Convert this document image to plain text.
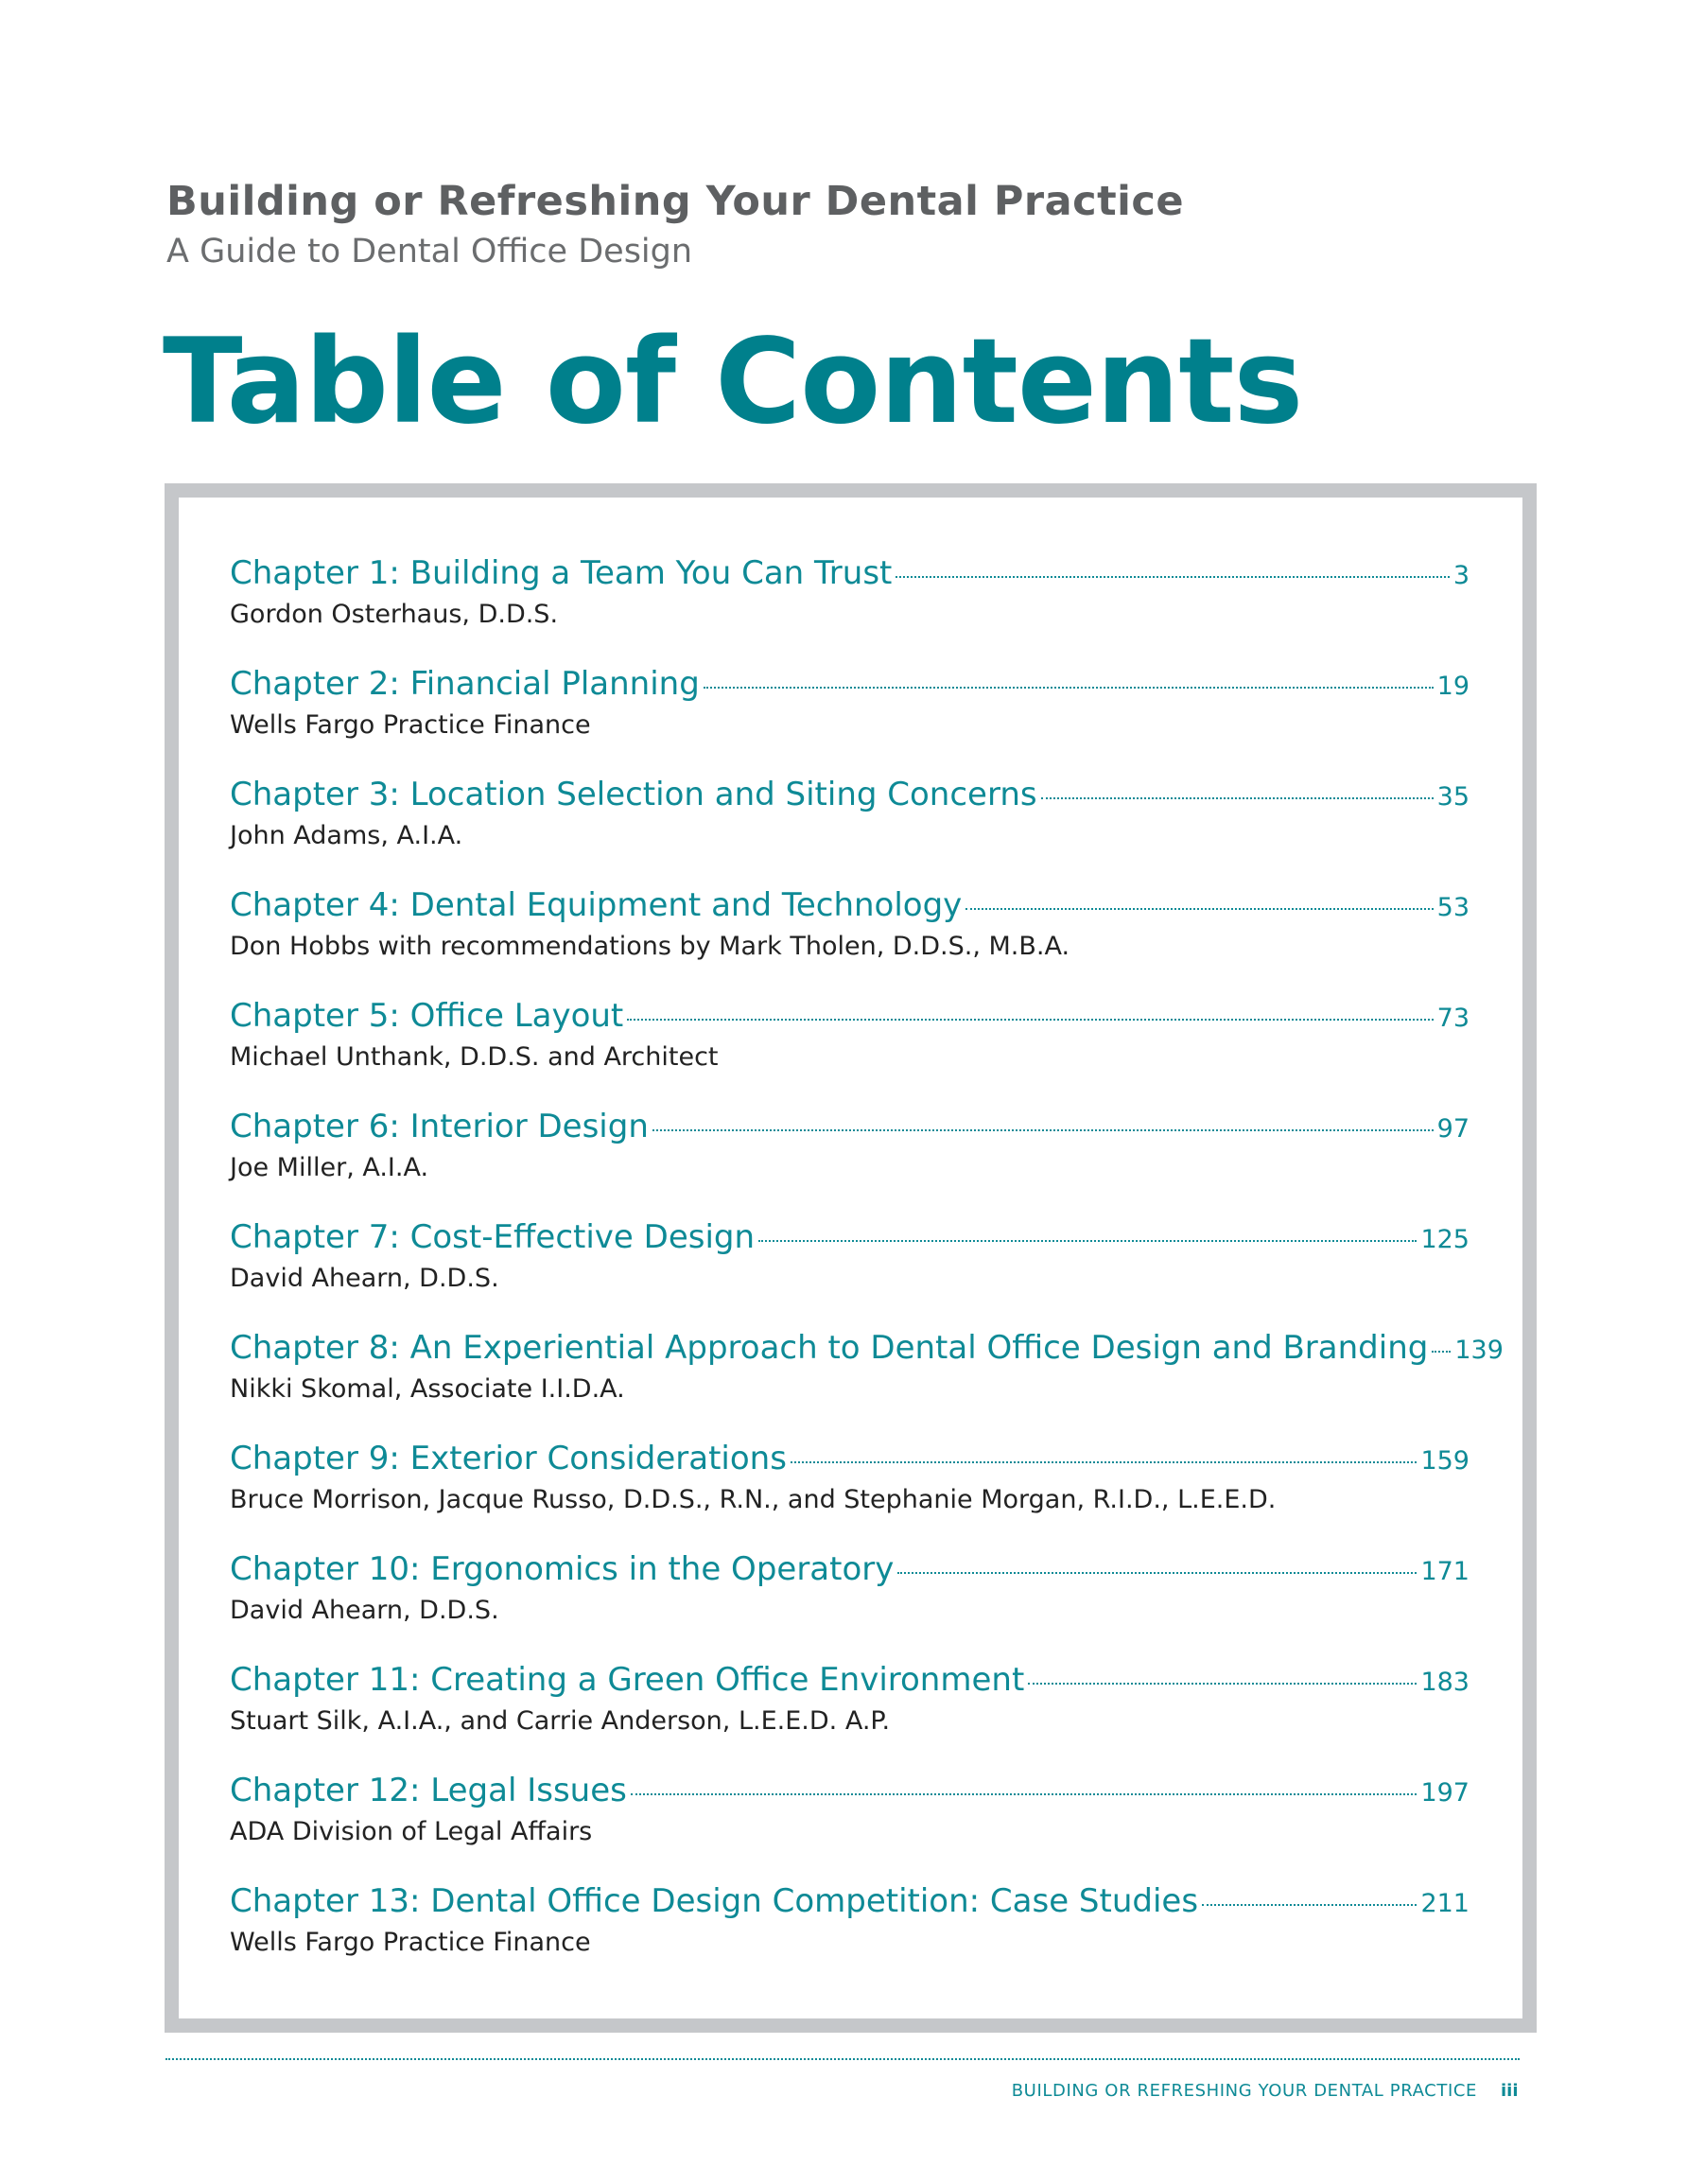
Building or Refreshing Your Dental Practice
A Guide to Dental Office Design
Table of Contents
Chapter 1: Building a Team You Can Trust	3
Gordon Osterhaus, D.D.S.
Chapter 2: Financial Planning	19
Wells Fargo Practice Finance
Chapter 3: Location Selection and Siting Concerns	35
John Adams, A.I.A.
Chapter 4: Dental Equipment and Technology	53
Don Hobbs with recommendations by Mark Tholen, D.D.S., M.B.A.
Chapter 5: Office Layout	73
Michael Unthank, D.D.S. and Architect
Chapter 6: Interior Design	97
Joe Miller, A.I.A.
Chapter 7: Cost-Effective Design	125
David Ahearn, D.D.S.
Chapter 8: An Experiential Approach to Dental Office Design and Branding 139
Nikki Skomal, Associate I.I.D.A.
Chapter 9: Exterior Considerations	159
Bruce Morrison, Jacque Russo, D.D.S., R.N., and Stephanie Morgan, R.I.D., L.E.E.D.
Chapter 10: Ergonomics in the Operatory	171
David Ahearn, D.D.S.
Chapter 11: Creating a Green Office Environment	183
Stuart Silk, A.I.A., and Carrie Anderson, L.E.E.D. A.P.
Chapter 12: Legal Issues	197
ADA Division of Legal Affairs
Chapter 13: Dental Office Design Competition: Case Studies	211
Wells Fargo Practice Finance
BUILDING OR REFRESHING YOUR DENTAL PRACTICE iii
